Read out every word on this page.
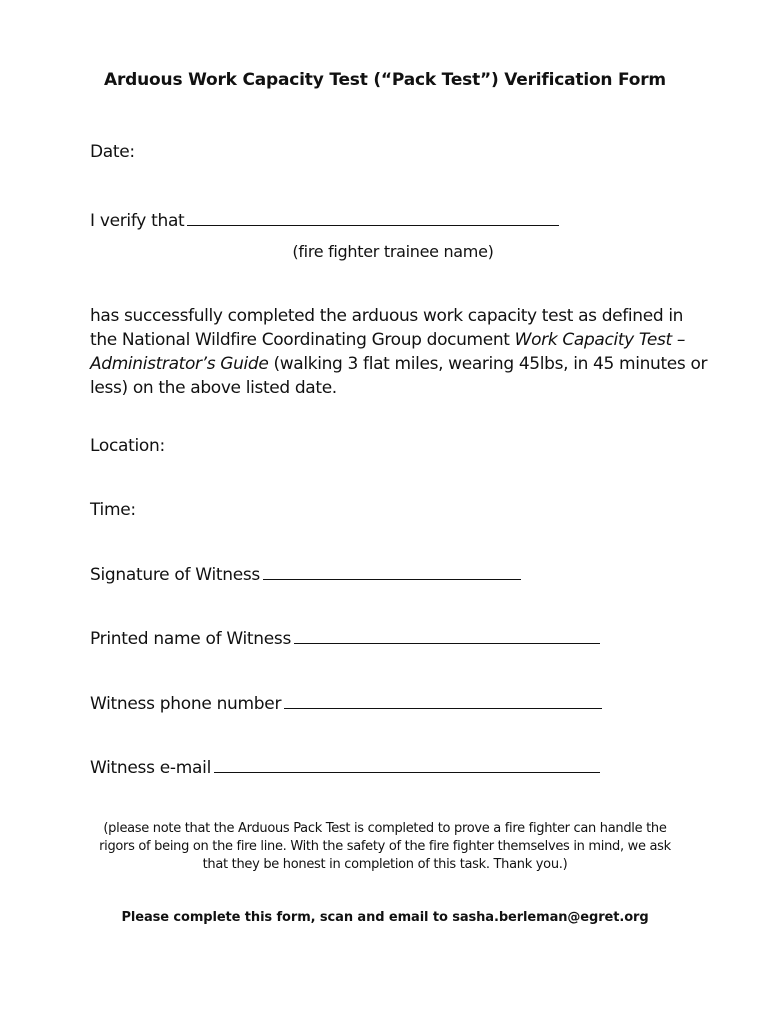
Arduous Work Capacity Test (“Pack Test”) Verification Form
Date:
I verify that
(fire fighter trainee name)
has successfully completed the arduous work capacity test as defined in
the National Wildfire Coordinating Group document Work Capacity Test –
Administrator’s Guide (walking 3 flat miles, wearing 45lbs, in 45 minutes or
less) on the above listed date.
Location:
Time:
Signature of Witness
Printed name of Witness
Witness phone number
Witness e-mail
(please note that the Arduous Pack Test is completed to prove a fire fighter can handle the
rigors of being on the fire line. With the safety of the fire fighter themselves in mind, we ask
that they be honest in completion of this task. Thank you.)
Please complete this form, scan and email to sasha.berleman@egret.org
